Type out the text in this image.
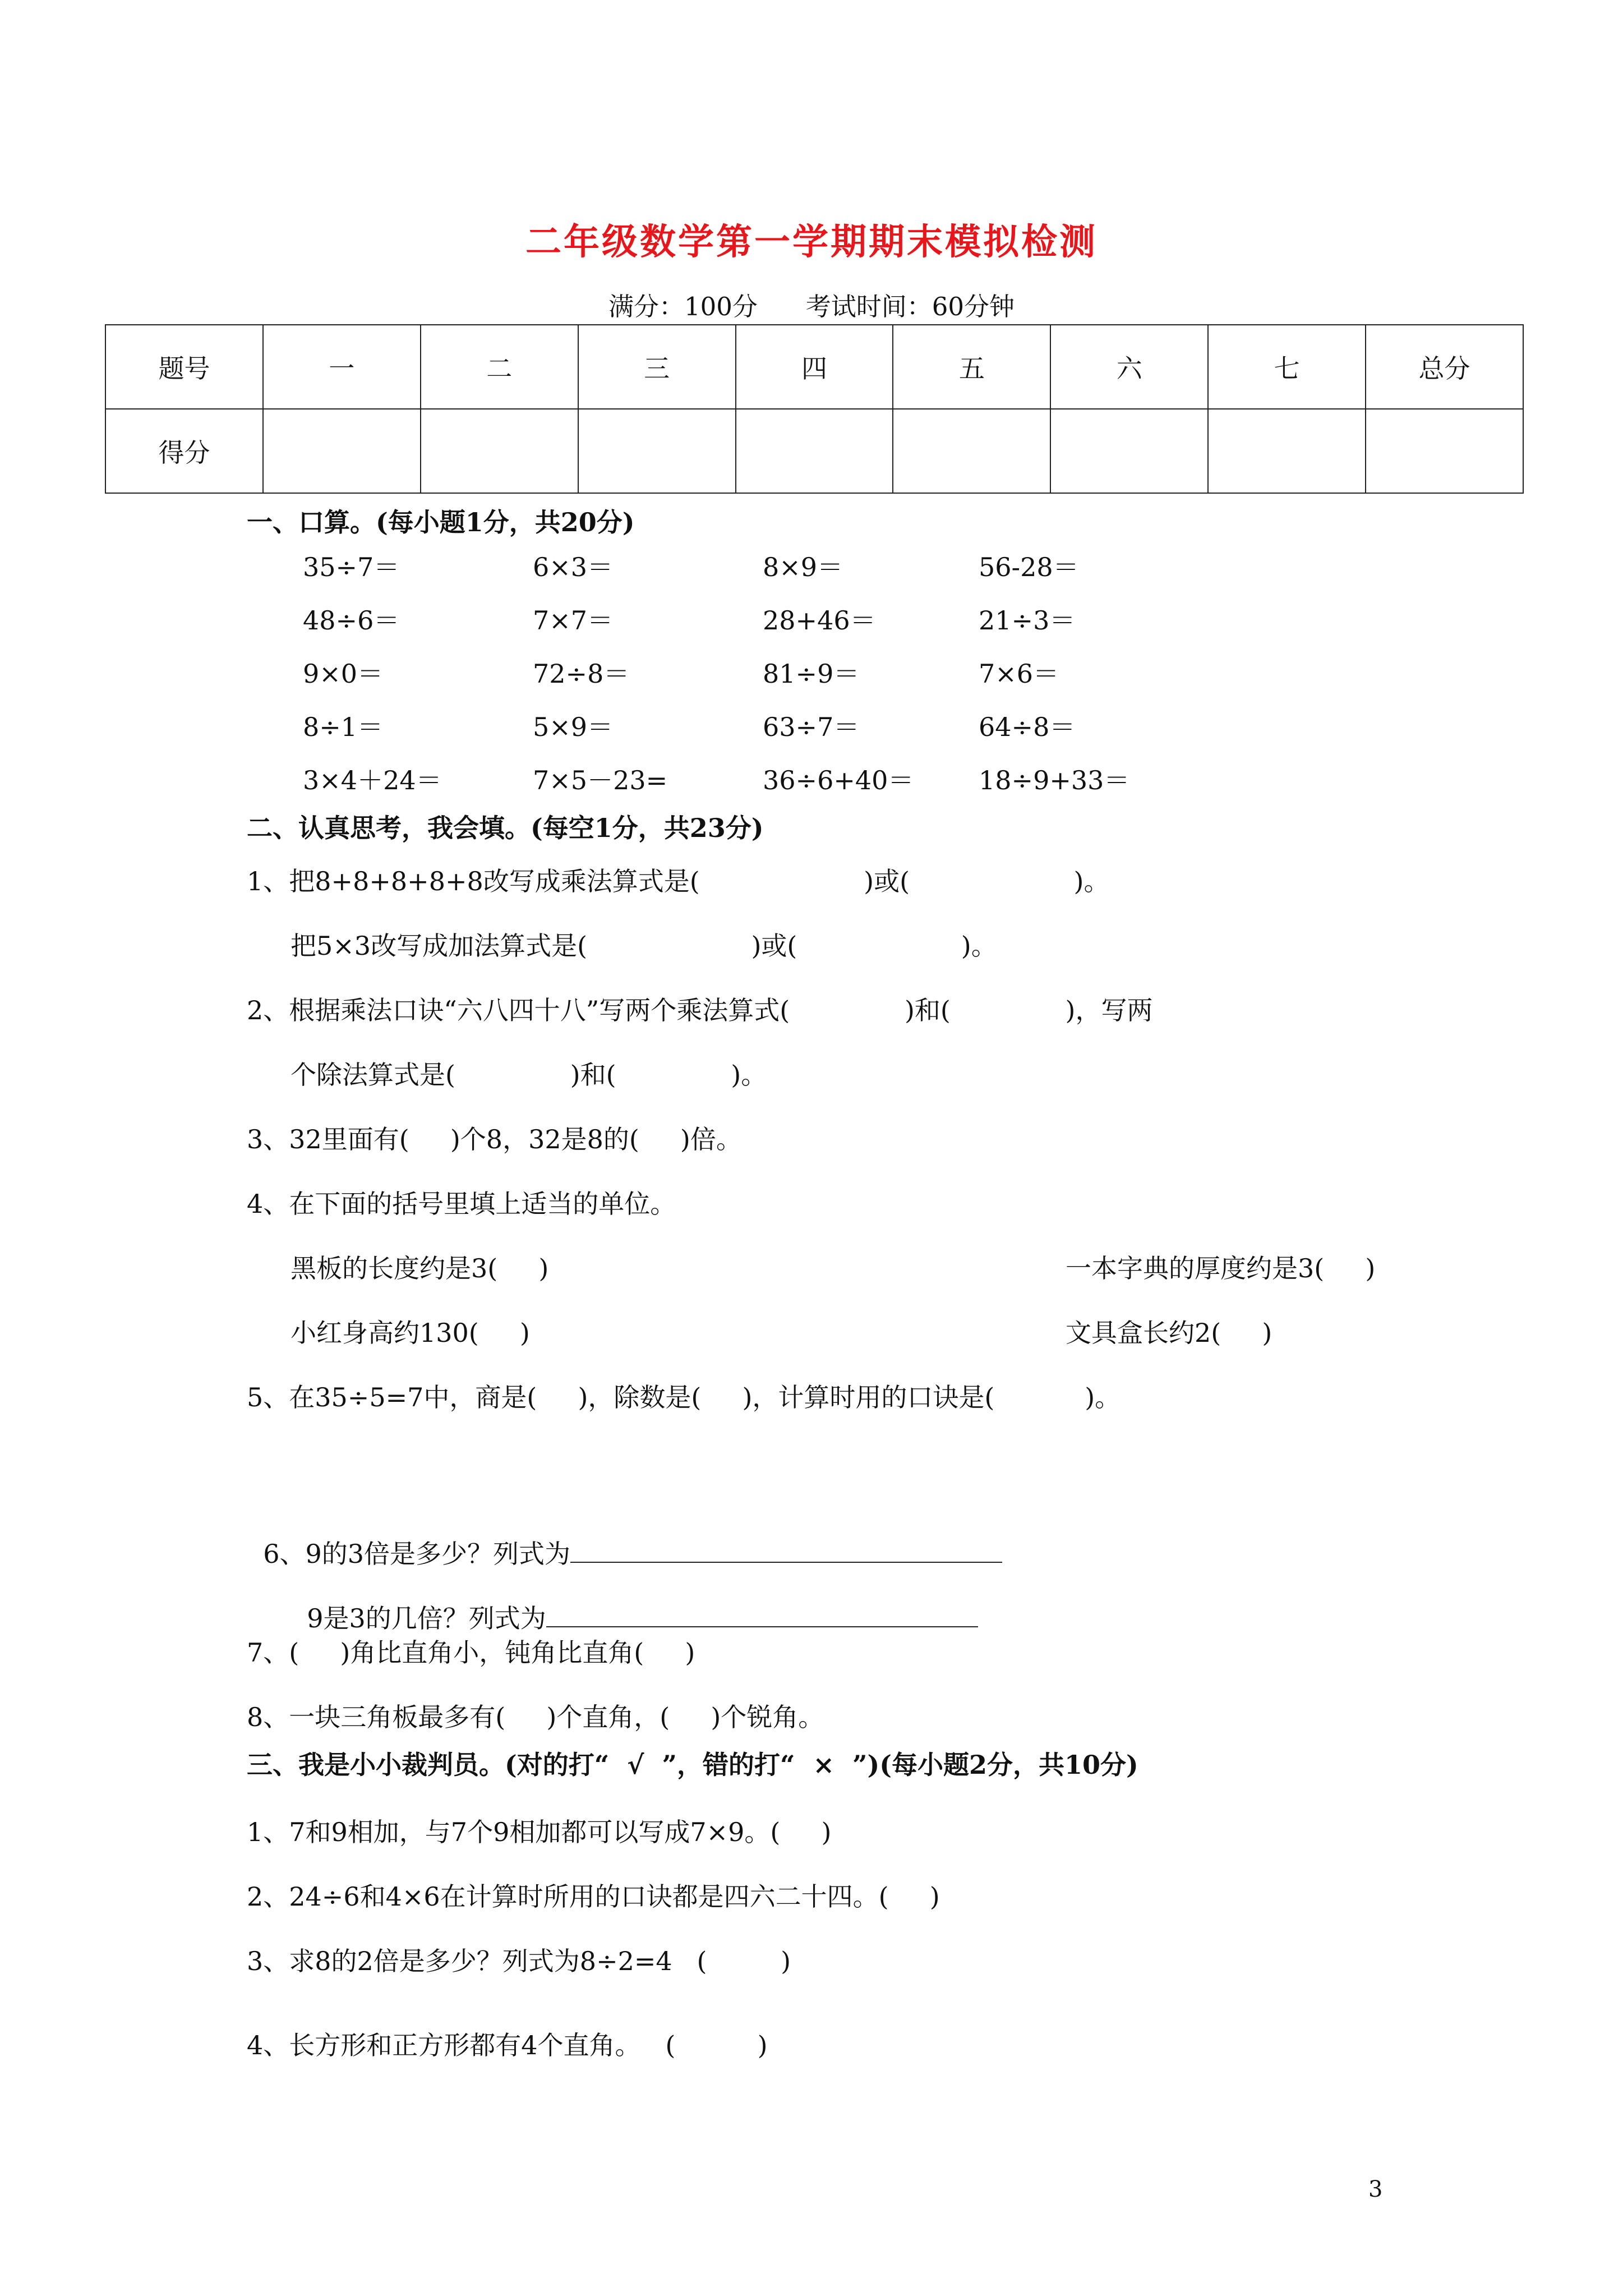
二年级数学第一学期期末模拟检测
满分：100分      考试时间：60分钟
题号	一	二	三	四	五	六	七	总分
得分								
一、口算。(每小题1分，共20分)
35÷7＝	6×3＝	8×9＝	56-28＝
48÷6＝	7×7＝	28+46＝	21÷3＝
9×0＝	72÷8＝	81÷9＝	7×6＝
8÷1＝	5×9＝	63÷7＝	64÷8＝
3×4＋24＝	7×5－23=	36÷6+40＝	18÷9+33＝
二、认真思考，我会填。(每空1分，共23分)
1、把8+8+8+8+8改写成乘法算式是(                    )或(                    )。
把5×3改写成加法算式是(                    )或(                    )。
2、根据乘法口诀“六八四十八”写两个乘法算式(              )和(              )，写两
个除法算式是(              )和(              )。
3、32里面有(     )个8，32是8的(     )倍。
4、在下面的括号里填上适当的单位。
黑板的长度约是3(     )	一本字典的厚度约是3(     )
小红身高约130(     )	文具盒长约2(     )
5、在35÷5=7中，商是(     )，除数是(     )，计算时用的口诀是(           )。

6、9的3倍是多少？列式为

9是3的几倍？列式为

7、(     )角比直角小，钝角比直角(     )
8、一块三角板最多有(     )个直角，(     )个锐角。
三、我是小小裁判员。(对的打“  √  ”，错的打“  ×  ”)(每小题2分，共10分)
1、7和9相加，与7个9相加都可以写成7×9。(     )
2、24÷6和4×6在计算时所用的口诀都是四六二十四。(     )
3、求8的2倍是多少？列式为8÷2=4   (         )
4、长方形和正方形都有4个直角。   (          )
3
